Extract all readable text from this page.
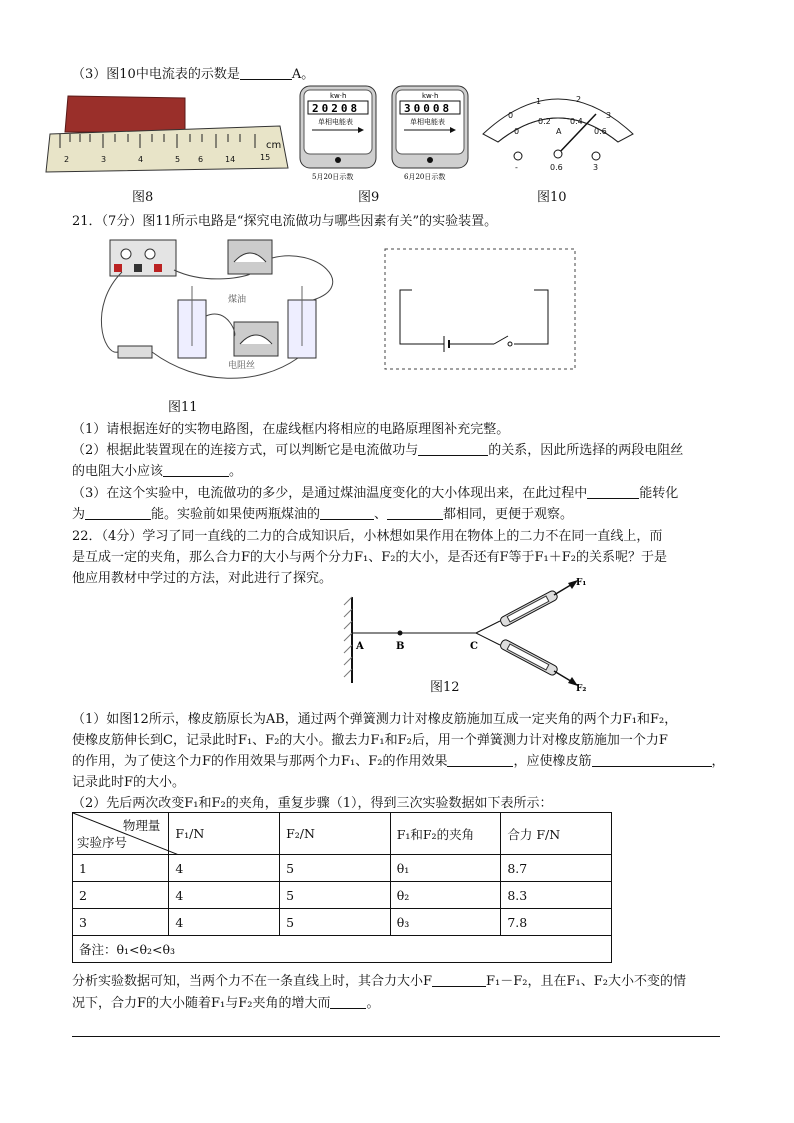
（3）图10中电流表的示数是	A。
2	3	4	5 6	14	15
cm
kw·h
20208
单相电能表
5月20日示数
kw·h
30008
单相电能表
6月20日示数
0
1	2
3
0
0.2 0.4
0.6
A
-	0.6	3
图8	图9	图10
21．（7分）图11所示电路是“探究电流做功与哪些因素有关”的实验装置。
煤油
电阻丝
图11
（1）请根据连好的实物电路图，在虚线框内将相应的电路原理图补充完整。
（2）根据此装置现在的连接方式，可以判断它是电流做功与	的关系，因此所选择的两段电阻丝
的电阻大小应该	。
（3）在这个实验中，电流做功的多少，是通过煤油温度变化的大小体现出来，在此过程中	能转化
为	能。实验前如果使两瓶煤油的	、	都相同，更便于观察。
22．（4分）学习了同一直线的二力的合成知识后，小林想如果作用在物体上的二力不在同一直线上，而
是互成一定的夹角，那么合力F的大小与两个分力F₁、F₂的大小，是否还有F等于F₁＋F₂的关系呢？于是
他应用教材中学过的方法，对此进行了探究。
A	B	C
F₁
F₂
图12
（1）如图12所示，橡皮筋原长为AB，通过两个弹簧测力计对橡皮筋施加互成一定夹角的两个力F₁和F₂，
使橡皮筋伸长到C，记录此时F₁、F₂的大小。撤去力F₁和F₂后，用一个弹簧测力计对橡皮筋施加一个力F
的作用，为了使这个力F的作用效果与那两个力F₁、F₂的作用效果	，应使橡皮筋	，
记录此时F的大小。
（2）先后两次改变F₁和F₂的夹角，重复步骤（1），得到三次实验数据如下表所示：
物理量
实验序号	F₁/N	F₂/N	F₁和F₂的夹角	合力 F/N
1	4	5	θ₁	8.7
2	4	5	θ₂	8.3
3	4	5	θ₃	7.8
备注：θ₁<θ₂<θ₃				
分析实验数据可知，当两个力不在一条直线上时，其合力大小F	F₁－F₂，且在F₁、F₂大小不变的情
况下，合力F的大小随着F₁与F₂夹角的增大而	。
